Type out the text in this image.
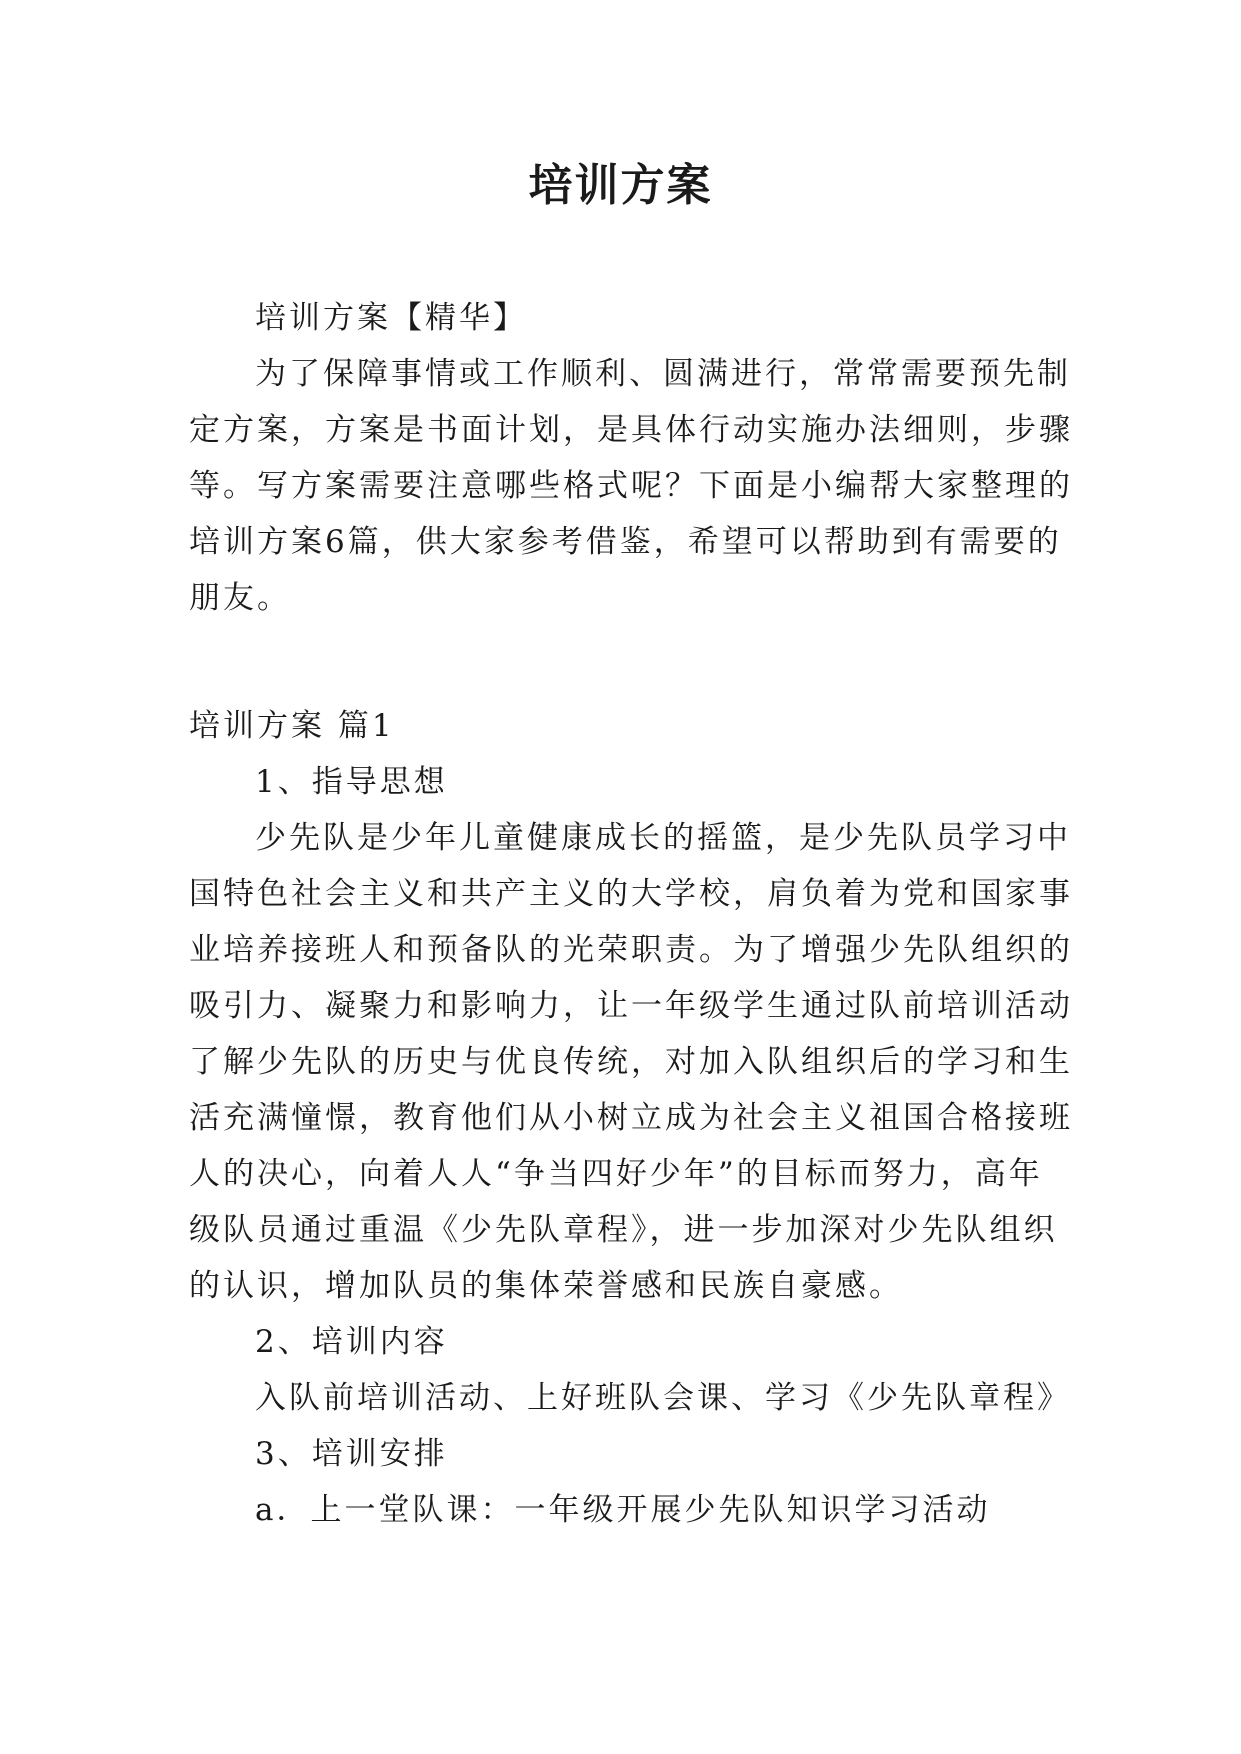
培训方案

培训方案【精华】

为了保障事情或工作顺利、圆满进行，常常需要预先制

定方案，方案是书面计划，是具体行动实施办法细则，步骤

等。写方案需要注意哪些格式呢？下面是小编帮大家整理的

培训方案6篇，供大家参考借鉴，希望可以帮助到有需要的

朋友。

培训方案 篇1

1、指导思想

少先队是少年儿童健康成长的摇篮，是少先队员学习中

国特色社会主义和共产主义的大学校，肩负着为党和国家事

业培养接班人和预备队的光荣职责。为了增强少先队组织的

吸引力、凝聚力和影响力，让一年级学生通过队前培训活动

了解少先队的历史与优良传统，对加入队组织后的学习和生

活充满憧憬，教育他们从小树立成为社会主义祖国合格接班

人的决心，向着人人“争当四好少年”的目标而努力，高年

级队员通过重温《少先队章程》，进一步加深对少先队组织

的认识，增加队员的集体荣誉感和民族自豪感。

2、培训内容

入队前培训活动、上好班队会课、学习《少先队章程》

3、培训安排

a．上一堂队课：一年级开展少先队知识学习活动
